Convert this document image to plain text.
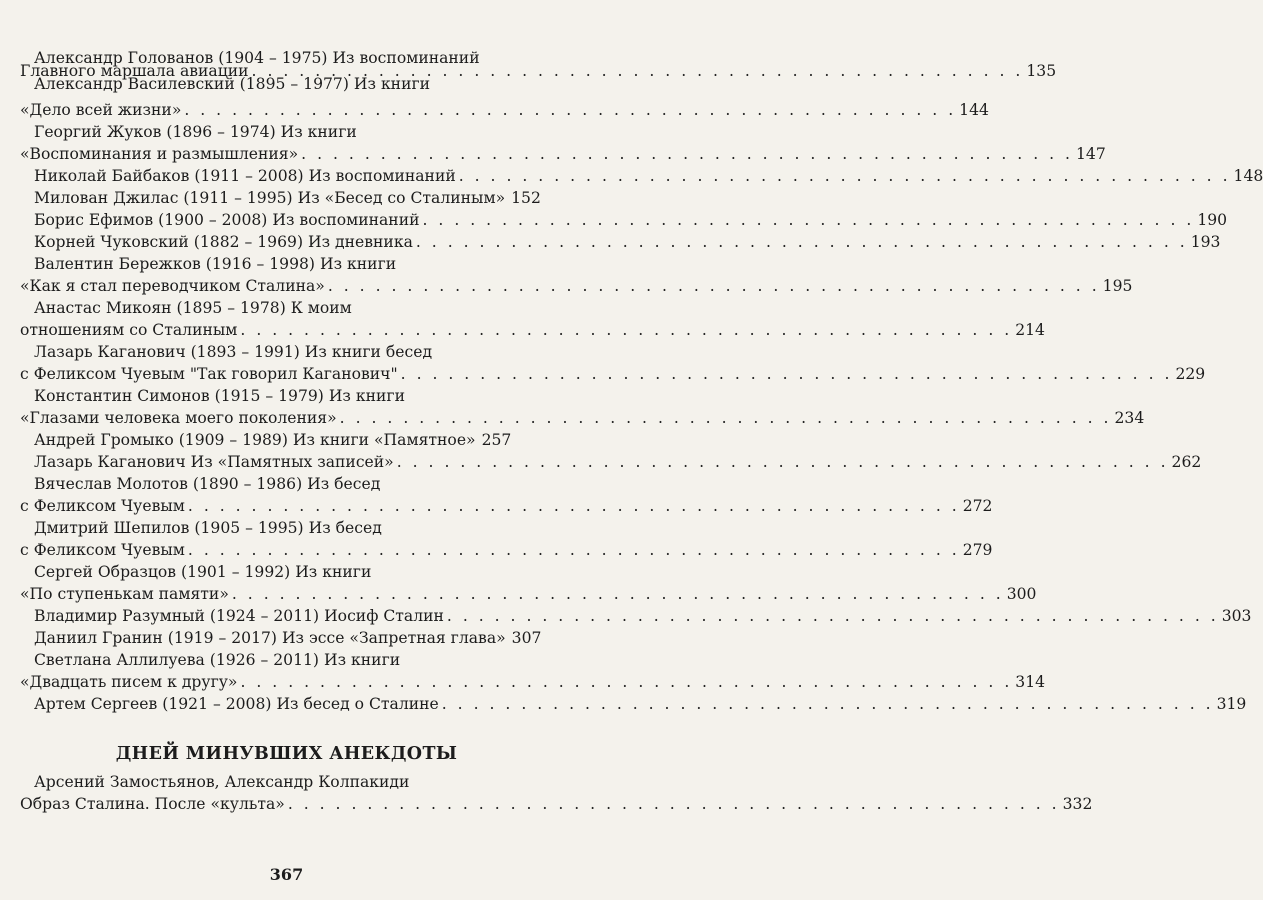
Александр Голованов (1904 – 1975) Из воспоминаний
Главного маршала авиации . . . . . . . . . . . . . . . . . . . . . . . . . . . . . . . . . . . . . . . . . . . . . . . . . 135
Александр Василевский (1895 – 1977) Из книги
«Дело всей жизни» . . . . . . . . . . . . . . . . . . . . . . . . . . . . . . . . . . . . . . . . . . . . . . . . . 144
Георгий Жуков (1896 – 1974) Из книги
«Воспоминания и размышления» . . . . . . . . . . . . . . . . . . . . . . . . . . . . . . . . . . . . . . . . . . . . . . . . . 147
Николай Байбаков (1911 – 2008) Из воспоминаний . . . . . . . . . . . . . . . . . . . . . . . . . . . . . . . . . . . . . . . . . . . . . . . . . 148
Милован Джилас (1911 – 1995) Из «Бесед со Сталиным» 152
Борис Ефимов (1900 – 2008) Из воспоминаний . . . . . . . . . . . . . . . . . . . . . . . . . . . . . . . . . . . . . . . . . . . . . . . . . 190
Корней Чуковский (1882 – 1969) Из дневника . . . . . . . . . . . . . . . . . . . . . . . . . . . . . . . . . . . . . . . . . . . . . . . . . 193
Валентин Бережков (1916 – 1998) Из книги
«Как я стал переводчиком Сталина» . . . . . . . . . . . . . . . . . . . . . . . . . . . . . . . . . . . . . . . . . . . . . . . . . 195
Анастас Микоян (1895 – 1978) К моим
отношениям со Сталиным . . . . . . . . . . . . . . . . . . . . . . . . . . . . . . . . . . . . . . . . . . . . . . . . . 214
Лазарь Каганович (1893 – 1991) Из книги бесед
с Феликсом Чуевым "Так говорил Каганович" . . . . . . . . . . . . . . . . . . . . . . . . . . . . . . . . . . . . . . . . . . . . . . . . . 229
Константин Симонов (1915 – 1979) Из книги
«Глазами человека моего поколения» . . . . . . . . . . . . . . . . . . . . . . . . . . . . . . . . . . . . . . . . . . . . . . . . . 234
Андрей Громыко (1909 – 1989) Из книги «Памятное» 257
Лазарь Каганович Из «Памятных записей» . . . . . . . . . . . . . . . . . . . . . . . . . . . . . . . . . . . . . . . . . . . . . . . . . 262
Вячеслав Молотов (1890 – 1986) Из бесед
с Феликсом Чуевым . . . . . . . . . . . . . . . . . . . . . . . . . . . . . . . . . . . . . . . . . . . . . . . . . 272
Дмитрий Шепилов (1905 – 1995) Из бесед
с Феликсом Чуевым . . . . . . . . . . . . . . . . . . . . . . . . . . . . . . . . . . . . . . . . . . . . . . . . . 279
Сергей Образцов (1901 – 1992) Из книги
«По ступенькам памяти» . . . . . . . . . . . . . . . . . . . . . . . . . . . . . . . . . . . . . . . . . . . . . . . . . 300
Владимир Разумный (1924 – 2011) Иосиф Сталин . . . . . . . . . . . . . . . . . . . . . . . . . . . . . . . . . . . . . . . . . . . . . . . . . 303
Даниил Гранин (1919 – 2017) Из эссе «Запретная глава» 307
Светлана Аллилуева (1926 – 2011) Из книги
«Двадцать писем к другу» . . . . . . . . . . . . . . . . . . . . . . . . . . . . . . . . . . . . . . . . . . . . . . . . . 314
Артем Сергеев (1921 – 2008) Из бесед о Сталине . . . . . . . . . . . . . . . . . . . . . . . . . . . . . . . . . . . . . . . . . . . . . . . . . 319
ДНЕЙ МИНУВШИХ АНЕКДОТЫ
Арсений Замостьянов, Александр Колпакиди
Образ Сталина. После «культа» . . . . . . . . . . . . . . . . . . . . . . . . . . . . . . . . . . . . . . . . . . . . . . . . . 332
367
